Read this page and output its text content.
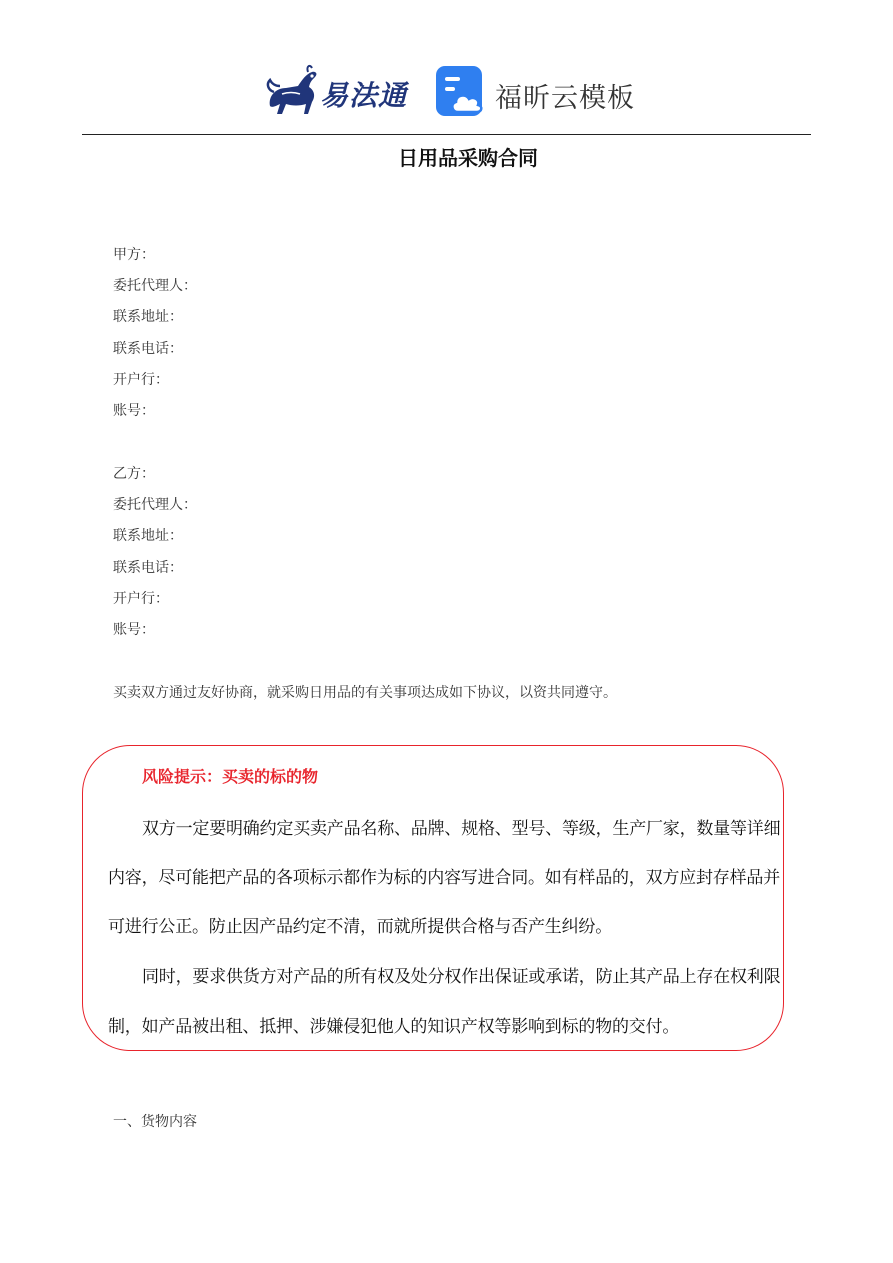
易法通	福昕云模板
日用品采购合同
甲方：
委托代理人：
联系地址：
联系电话：
开户行：
账号：
乙方：
委托代理人：
联系地址：
联系电话：
开户行：
账号：
买卖双方通过友好协商，就采购日用品的有关事项达成如下协议，以资共同遵守。
风险提示：买卖的标的物
双方一定要明确约定买卖产品名称、品牌、规格、型号、等级，生产厂家，数量等详细
内容，尽可能把产品的各项标示都作为标的内容写进合同。如有样品的，双方应封存样品并
可进行公正。防止因产品约定不清，而就所提供合格与否产生纠纷。
同时，要求供货方对产品的所有权及处分权作出保证或承诺，防止其产品上存在权利限
制，如产品被出租、抵押、涉嫌侵犯他人的知识产权等影响到标的物的交付。
一、货物内容
